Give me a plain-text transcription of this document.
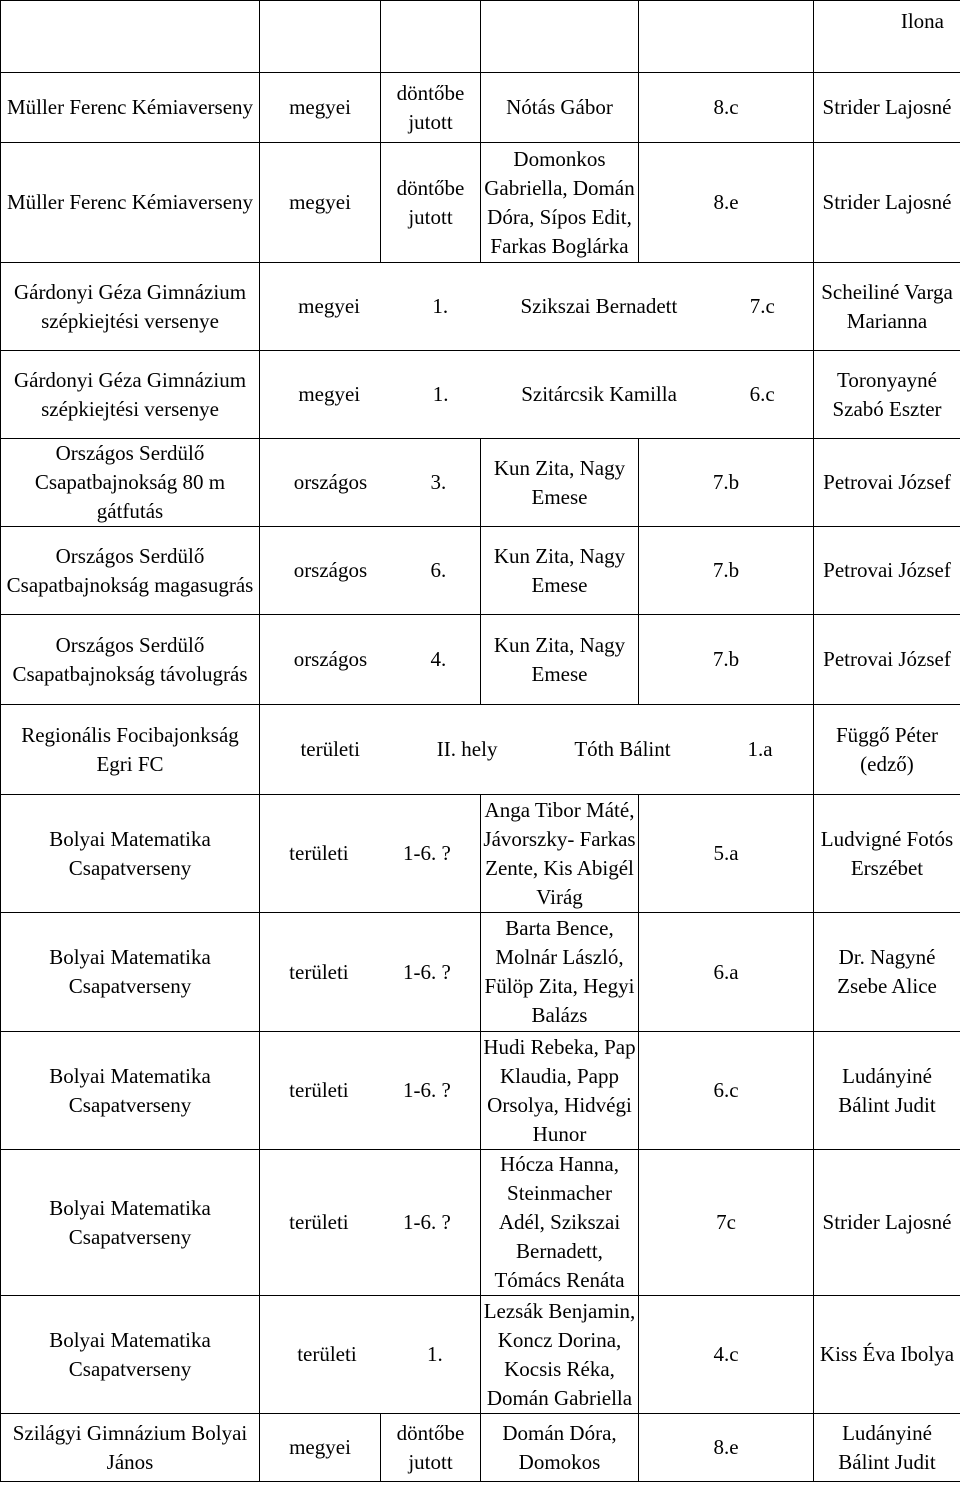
					Ilona
Müller Ferenc Kémiaverseny	megyei	döntőbe jutott	Nótás Gábor	8.c	Strider Lajosné
Müller Ferenc Kémiaverseny	megyei	döntőbe jutott	Domonkos Gabriella, Domán Dóra, Sípos Edit, Farkas Boglárka	8.e	Strider Lajosné
Gárdonyi Géza Gimnázium szépkiejtési versenye	megyei 1. Szikszai Bernadett 7.c				Scheiliné Varga Marianna
Gárdonyi Géza Gimnázium szépkiejtési versenye	megyei 1. Szitárcsik Kamilla 6.c				Toronyayné Szabó Eszter
Országos Serdülő Csapatbajnokság 80 m gátfutás	országos 3.		Kun Zita, Nagy Emese	7.b	Petrovai József
Országos Serdülő Csapatbajnokság magasugrás	országos 6.		Kun Zita, Nagy Emese	7.b	Petrovai József
Országos Serdülő Csapatbajnokság távolugrás	országos 4.		Kun Zita, Nagy Emese	7.b	Petrovai József
Regionális Focibajonkság Egri FC	területi II. hely Tóth Bálint 1.a				Függő Péter (edző)
Bolyai Matematika Csapatverseny	területi 1-6. ?		Anga Tibor Máté, Jávorszky- Farkas Zente, Kis Abigél Virág	5.a	Ludvigné Fotós Erszébet
Bolyai Matematika Csapatverseny	területi 1-6. ?		Barta Bence, Molnár László, Fülöp Zita, Hegyi Balázs	6.a	Dr. Nagyné Zsebe Alice
Bolyai Matematika Csapatverseny	területi 1-6. ?		Hudi Rebeka, Pap Klaudia, Papp Orsolya, Hidvégi Hunor	6.c	Ludányiné Bálint Judit
Bolyai Matematika Csapatverseny	területi 1-6. ?		Hócza Hanna, Steinmacher Adél, Szikszai Bernadett, Tómács Renáta	7c	Strider Lajosné
Bolyai Matematika Csapatverseny	területi 1.		Lezsák Benjamin, Koncz Dorina, Kocsis Réka, Domán Gabriella	4.c	Kiss Éva Ibolya
Szilágyi Gimnázium Bolyai János	megyei	döntőbe jutott	Domán Dóra, Domokos	8.e	Ludányiné Bálint Judit
